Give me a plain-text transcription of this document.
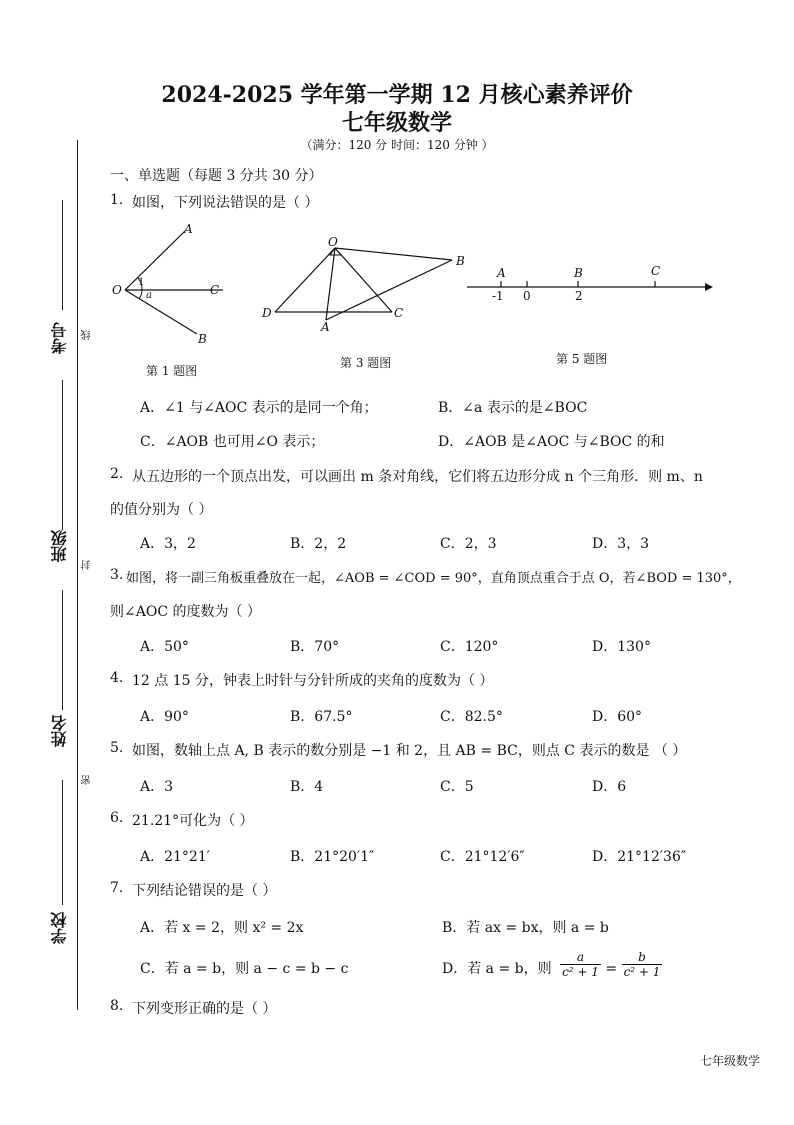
考号
班级
姓名
学校
线
封
密
2024-2025 学年第一学期 12 月核心素养评价
七年级数学
（满分：120 分 时间：120 分钟 ）
一、单选题（每题 3 分共 30 分）
1. 如图，下列说法错误的是（ ）
A
O
1
a	C
B
第 1 题图
O
B
D	C
A
第 3 题图
A	B	C
-1 0	2
第 5 题图
A．∠1 与∠AOC 表示的是同一个角；	B．∠a 表示的是∠BOC
C．∠AOB 也可用∠O 表示；	D．∠AOB 是∠AOC 与∠BOC 的和
2. 从五边形的一个顶点出发，可以画出 m 条对角线，它们将五边形分成 n 个三角形．则 m、n
的值分别为（ ）
A．3，2	B．2，2	C．2，3	D．3，3
3. 如图，将一副三角板重叠放在一起，∠AOB = ∠COD = 90°，直角顶点重合于点 O，若∠BOD = 130°，
则∠AOC 的度数为（ ）
A．50°	B．70°	C．120°	D．130°
4. 12 点 15 分，钟表上时针与分针所成的夹角的度数为（ ）
A．90°	B．67.5°	C．82.5°	D．60°
5. 如图，数轴上点 A, B 表示的数分别是 −1 和 2，且 AB = BC，则点 C 表示的数是 （ ）
A．3	B．4	C．5	D．6
6. 21.21°可化为（ ）
A．21°21′	B．21°20′1″	C．21°12′6″	D．21°12′36″
7. 下列结论错误的是（ ）
A．若 x = 2，则 x² = 2x	B．若 ax = bx，则 a = b
C．若 a = b，则 a − c = b − c	D．若 a = b，则 $\frac{a}{\text{c² + 1}} = \frac{b}{\text{c² + 1}}$
8. 下列变形正确的是（ ）
七年级数学
